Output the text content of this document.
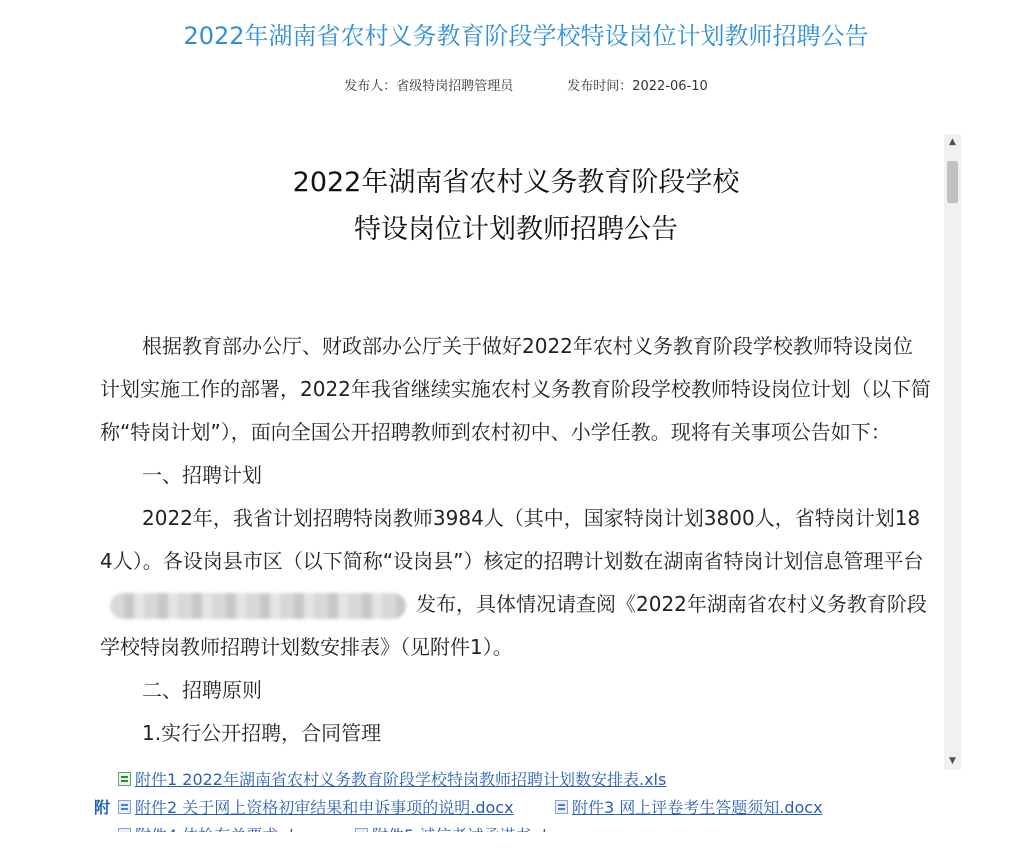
2022年湖南省农村义务教育阶段学校特设岗位计划教师招聘公告
发布人：省级特岗招聘管理员	发布时间：2022-06-10
2022年湖南省农村义务教育阶段学校
特设岗位计划教师招聘公告

根据教育部办公厅、财政部办公厅关于做好2022年农村义务教育阶段学校教师特设岗位计划实施工作的部署，2022年我省继续实施农村义务教育阶段学校教师特设岗位计划（以下简称“特岗计划”），面向全国公开招聘教师到农村初中、小学任教。现将有关事项公告如下：

一、招聘计划

2022年，我省计划招聘特岗教师3984人（其中，国家特岗计划3800人，省特岗计划184人）。各设岗县市区（以下简称“设岗县”）核定的招聘计划数在湖南省特岗计划信息管理平台发布，具体情况请查阅《2022年湖南省农村义务教育阶段学校特岗教师招聘计划数安排表》（见附件1）。

二、招聘原则

1.实行公开招聘，合同管理

▲
▼
附
附件1 2022年湖南省农村义务教育阶段学校特岗教师招聘计划数安排表.xls
附件2 关于网上资格初审结果和申诉事项的说明.docx	附件3 网上评卷考生答题须知.docx
